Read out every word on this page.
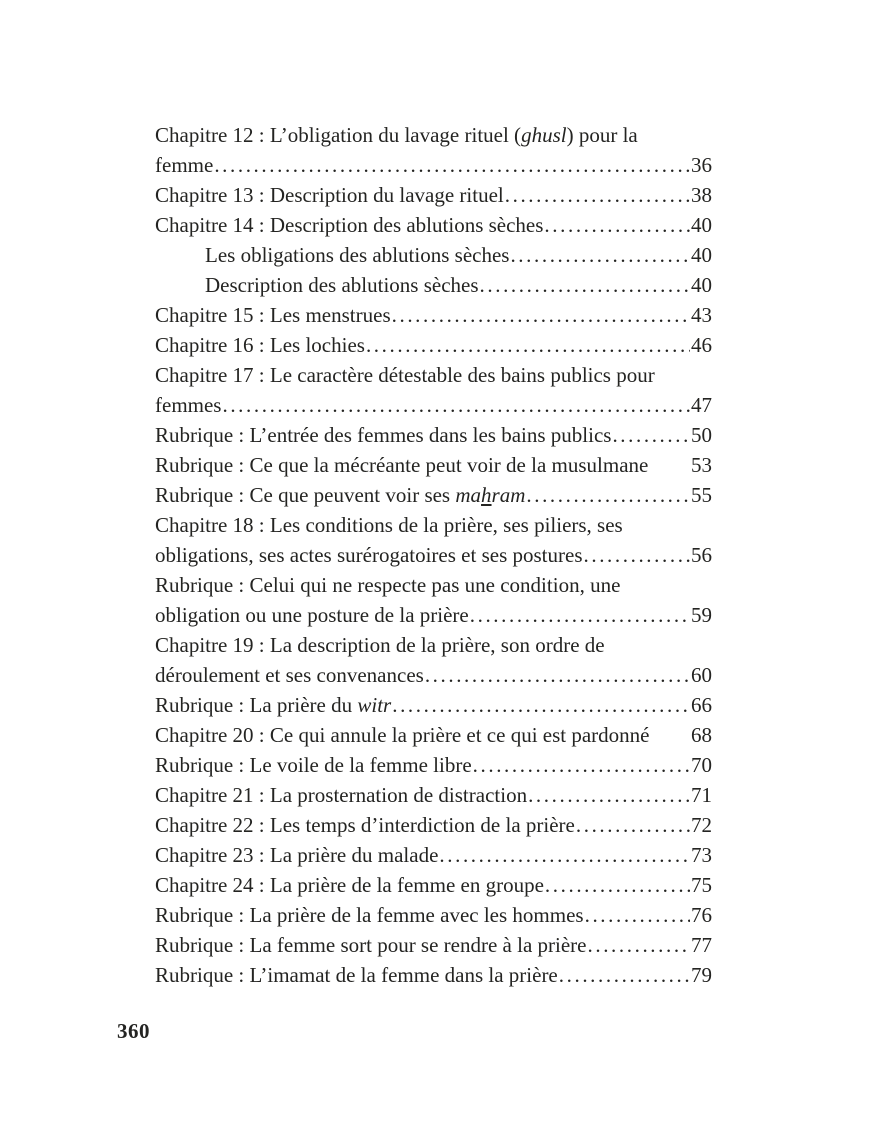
Chapitre 12 : L’obligation du lavage rituel (ghusl) pour la
femme .....	36
Chapitre 13 : Description du lavage rituel .....	38
Chapitre 14 : Description des ablutions sèches .....	40
Les obligations des ablutions sèches .....	40
Description des ablutions sèches .....	40
Chapitre 15 : Les menstrues .....	43
Chapitre 16 : Les lochies .....	46
Chapitre 17 : Le caractère détestable des bains publics pour
femmes .....	47
Rubrique : L’entrée des femmes dans les bains publics .....	50
Rubrique : Ce que la mécréante peut voir de la musulmane 53
Rubrique : Ce que peuvent voir ses mahram .....	55
Chapitre 18 : Les conditions de la prière, ses piliers, ses
obligations, ses actes surérogatoires et ses postures .....	56
Rubrique : Celui qui ne respecte pas une condition, une
obligation ou une posture de la prière .....	59
Chapitre 19 : La description de la prière, son ordre de
déroulement et ses convenances .....	60
Rubrique : La prière du witr .....	66
Chapitre 20 : Ce qui annule la prière et ce qui est pardonné 68
Rubrique : Le voile de la femme libre .....	70
Chapitre 21 : La prosternation de distraction .....	71
Chapitre 22 : Les temps d’interdiction de la prière .....	72
Chapitre 23 : La prière du malade .....	73
Chapitre 24 : La prière de la femme en groupe .....	75
Rubrique : La prière de la femme avec les hommes .....	76
Rubrique : La femme sort pour se rendre à la prière .....	77
Rubrique : L’imamat de la femme dans la prière .....	79
360
